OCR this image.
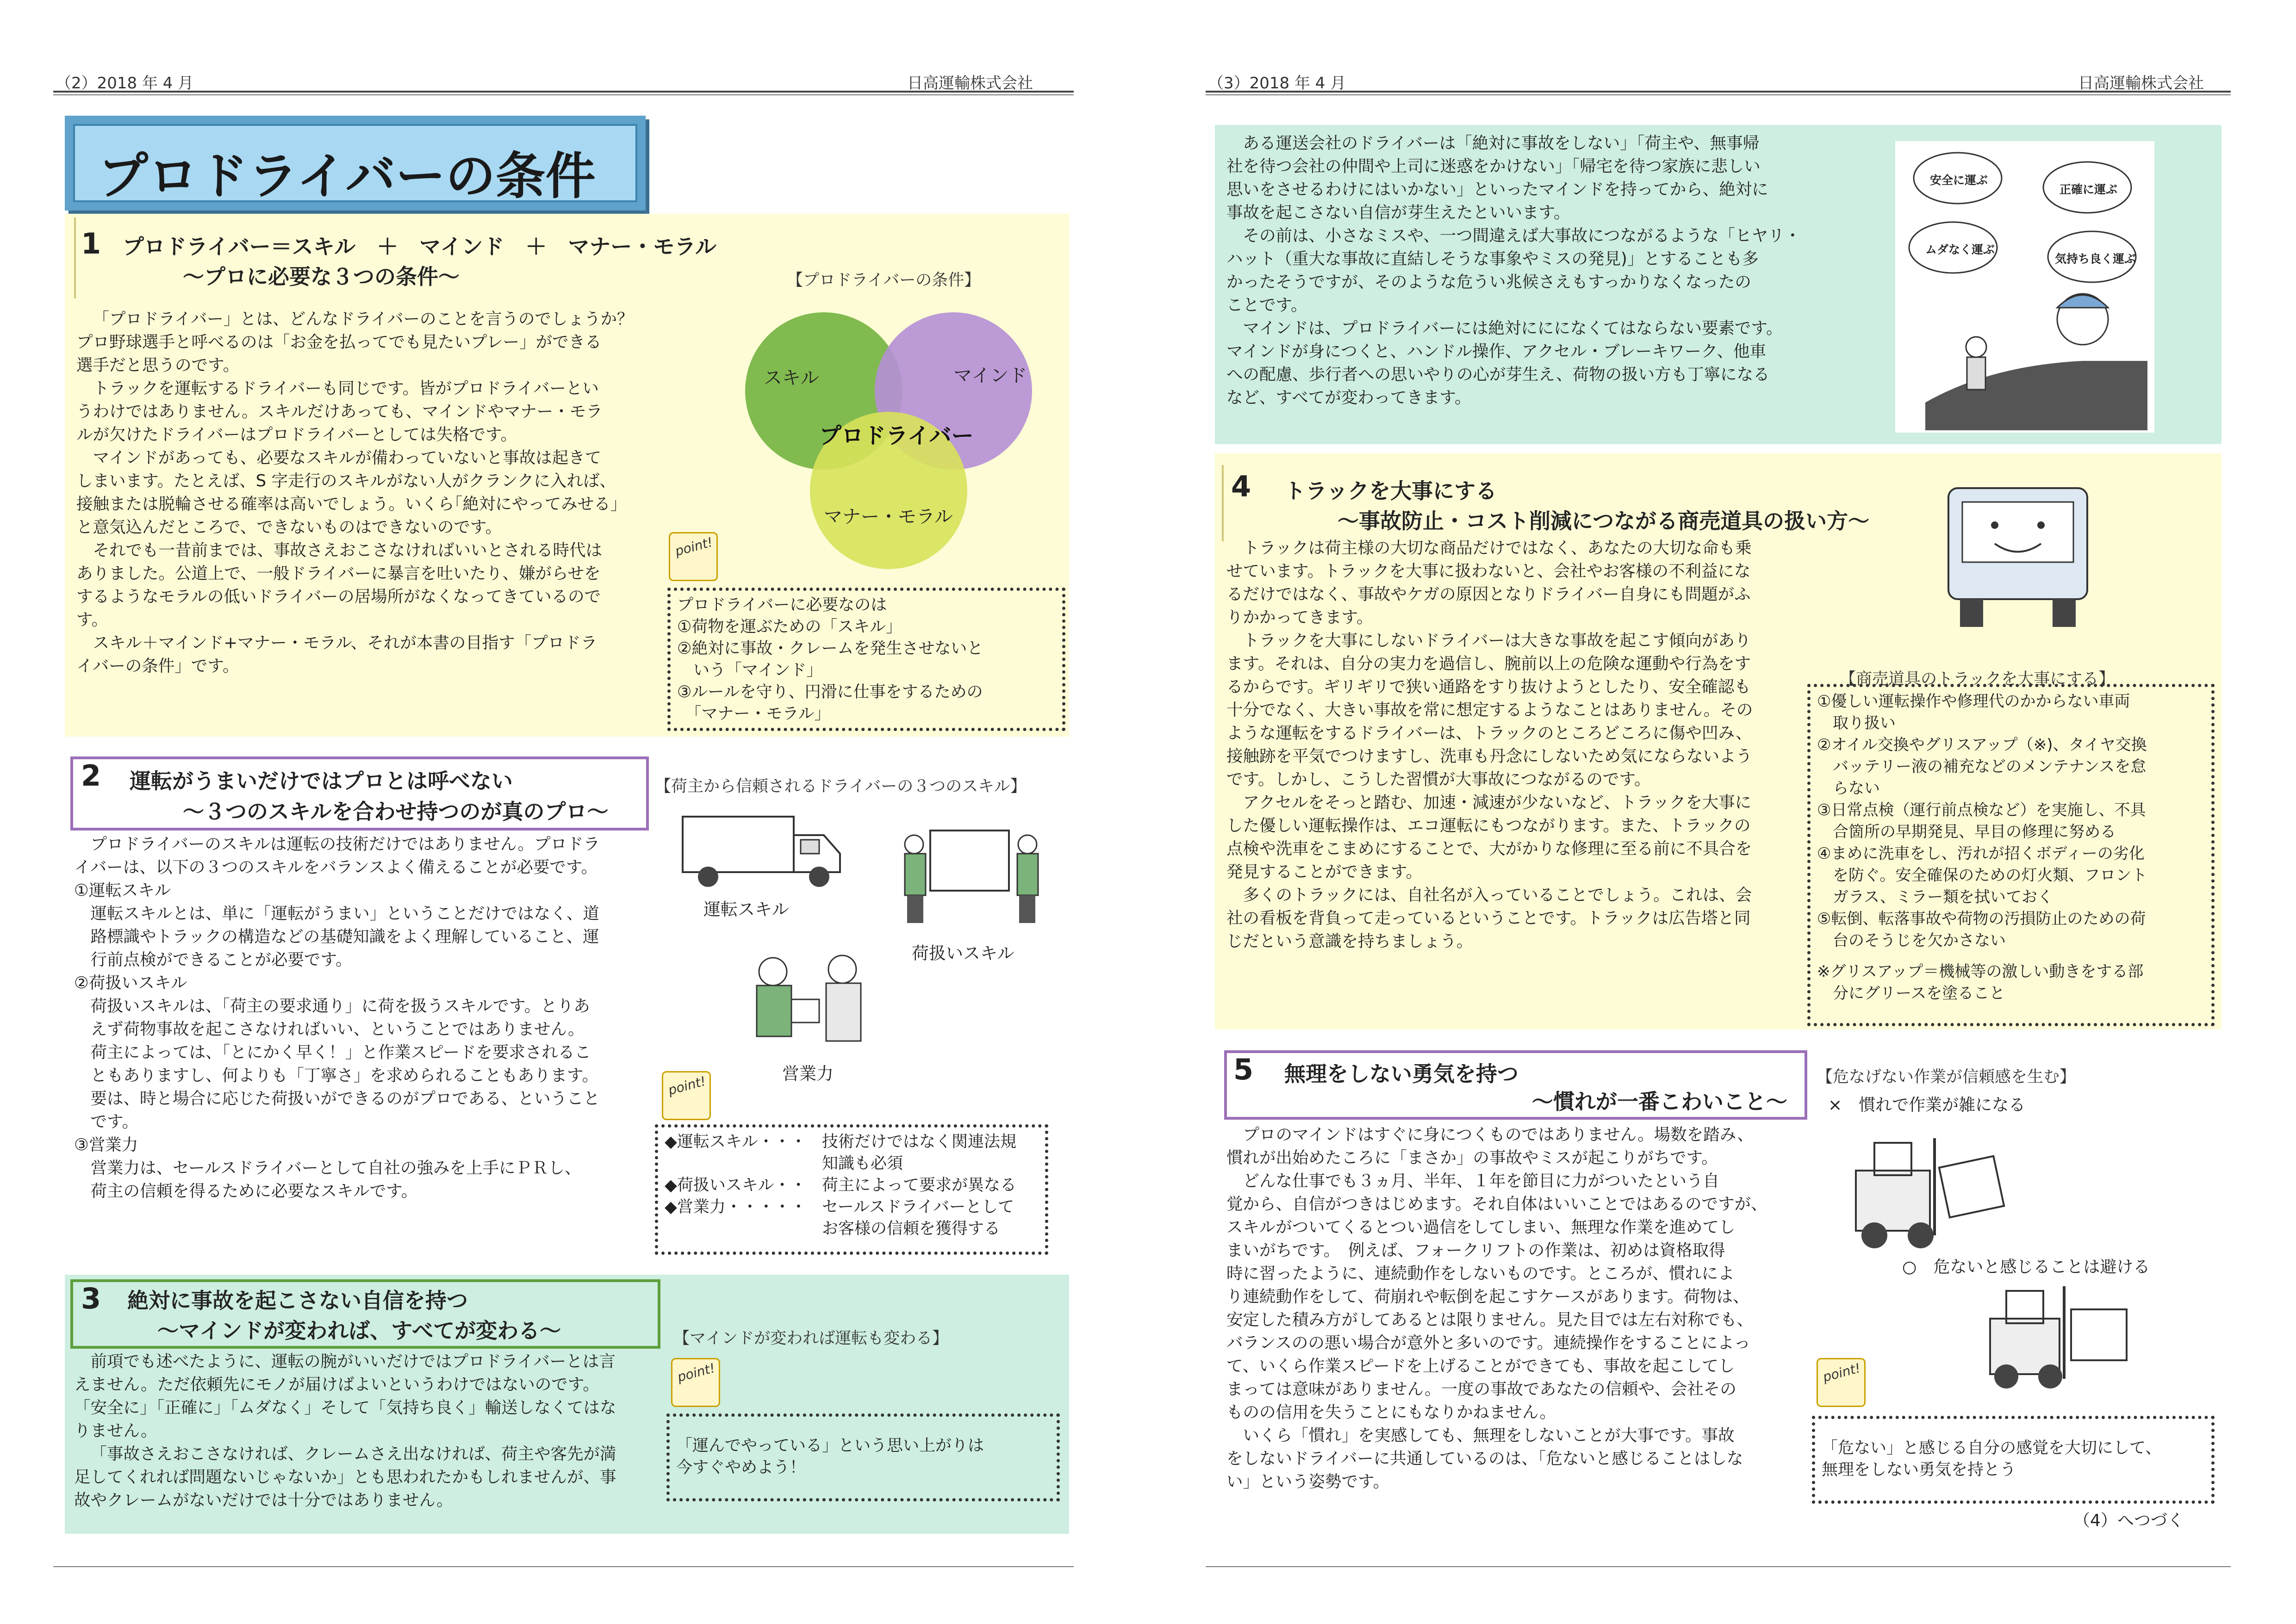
（2）2018 年 4 月	日高運輸株式会社
プロドライバーの条件
1 プロドライバー＝スキル　＋　マインド　＋　マナー・モラル
～プロに必要な３つの条件～

「プロドライバー」とは、どんなドライバーのことを言うのでしょうか？

プロ野球選手と呼べるのは「お金を払ってでも見たいプレー」ができる

選手だと思うのです。

トラックを運転するドライバーも同じです。皆がプロドライバーとい

うわけではありません。スキルだけあっても、マインドやマナー・モラ

ルが欠けたドライバーはプロドライバーとしては失格です。

マインドがあっても、必要なスキルが備わっていないと事故は起きて

しまいます。たとえば、S 字走行のスキルがない人がクランクに入れば、

接触または脱輪させる確率は高いでしょう。いくら｢絶対にやってみせる｣

と意気込んだところで、できないものはできないのです。

それでも一昔前までは、事故さえおこさなければいいとされる時代は

ありました。公道上で、一般ドライバーに暴言を吐いたり、嫌がらせを

するようなモラルの低いドライバーの居場所がなくなってきているので

す。

スキル＋マインド+マナー・モラル、それが本書の目指す「プロドラ

イバーの条件」です。

【プロドライバーの条件】
スキル	マインド
マナー・モラル
プロドライバー
point!
プロドライバーに必要なのは
①荷物を運ぶための「スキル」
②絶対に事故・クレームを発生させないと
　いう「マインド」
③ルールを守り、円滑に仕事をするための
　「マナー・モラル」
2 運転がうまいだけではプロとは呼べない
～３つのスキルを合わせ持つのが真のプロ～
【荷主から信頼されるドライバーの３つのスキル】

プロドライバーのスキルは運転の技術だけではありません。プロドラ

イバーは、以下の３つのスキルをバランスよく備えることが必要です。

①運転スキル

運転スキルとは、単に「運転がうまい」ということだけではなく、道

路標識やトラックの構造などの基礎知識をよく理解していること、運

行前点検ができることが必要です。

②荷扱いスキル

荷扱いスキルは、「荷主の要求通り」に荷を扱うスキルです。とりあ

えず荷物事故を起こさなければいい、ということではありません。

荷主によっては、「とにかく早く！」と作業スピードを要求されるこ

ともありますし、何よりも「丁寧さ」を求められることもあります。

要は、時と場合に応じた荷扱いができるのがプロである、ということ

です。

③営業力

営業力は、セールスドライバーとして自社の強みを上手にＰＲし、

荷主の信頼を得るために必要なスキルです。

運転スキル
荷扱いスキル
営業力
point!
◆運転スキル・・・ 技術だけではなく関連法規
知識も必須
◆荷扱いスキル・・ 荷主によって要求が異なる
◆営業力・・・・・ セールスドライバーとして
お客様の信頼を獲得する
3 絶対に事故を起こさない自信を持つ
～マインドが変われば、すべてが変わる～	【マインドが変われば運転も変わる】

前項でも述べたように、運転の腕がいいだけではプロドライバーとは言

えません。ただ依頼先にモノが届けばよいというわけではないのです。

「安全に」「正確に」「ムダなく」そして「気持ち良く」輸送しなくてはな

りません。

「事故さえおこさなければ、クレームさえ出なければ、荷主や客先が満

足してくれれば問題ないじゃないか」とも思われたかもしれませんが、事

故やクレームがないだけでは十分ではありません。

point!
「運んでやっている」という思い上がりは
今すぐやめよう！
（3）2018 年 4 月	日高運輸株式会社

ある運送会社のドライバーは「絶対に事故をしない」「荷主や、無事帰

社を待つ会社の仲間や上司に迷惑をかけない」「帰宅を待つ家族に悲しい

思いをさせるわけにはいかない」といったマインドを持ってから、絶対に

事故を起こさない自信が芽生えたといいます。

その前は、小さなミスや、一つ間違えば大事故につながるような「ヒヤリ・

ハット（重大な事故に直結しそうな事象やミスの発見)」とすることも多

かったそうですが、そのような危うい兆候さえもすっかりなくなったの

ことです。

マインドは、プロドライバーには絶対ににになくてはならない要素です。

マインドが身につくと、ハンドル操作、アクセル・ブレーキワーク、他車

への配慮、歩行者への思いやりの心が芽生え、荷物の扱い方も丁寧になる

など、すべてが変わってきます。

安全に運ぶ
正確に運ぶ
ムダなく運ぶ
気持ち良く運ぶ
4 トラックを大事にする
～事故防止・コスト削減につながる商売道具の扱い方～

トラックは荷主様の大切な商品だけではなく、あなたの大切な命も乗

せています。トラックを大事に扱わないと、会社やお客様の不利益にな

るだけではなく、事故やケガの原因となりドライバー自身にも問題がふ

りかかってきます。

トラックを大事にしないドライバーは大きな事故を起こす傾向があり

ます。それは、自分の実力を過信し、腕前以上の危険な運動や行為をす

るからです。ギリギリで狭い通路をすり抜けようとしたり、安全確認も

十分でなく、大きい事故を常に想定するようなことはありません。その

ような運転をするドライバーは、トラックのところどころに傷や凹み、

接触跡を平気でつけますし、洗車も丹念にしないため気にならないよう

です。しかし、こうした習慣が大事故につながるのです。

アクセルをそっと踏む、加速・減速が少ないなど、トラックを大事に

した優しい運転操作は、エコ運転にもつながります。また、トラックの

点検や洗車をこまめにすることで、大がかりな修理に至る前に不具合を

発見することができます。

多くのトラックには、自社名が入っていることでしょう。これは、会

社の看板を背負って走っているということです。トラックは広告塔と同

じだという意識を持ちましょう。

【商売道具のトラックを大事にする】
①優しい運転操作や修理代のかからない車両
　取り扱い
②オイル交換やグリスアップ（※)、タイヤ交換
　バッテリー液の補充などのメンテナンスを怠
　らない
③日常点検（運行前点検など）を実施し、不具
　合箇所の早期発見、早目の修理に努める
④まめに洗車をし、汚れが招くボディーの劣化
　を防ぐ。安全確保のための灯火類、フロント
　ガラス、ミラー類を拭いておく
⑤転倒、転落事故や荷物の汚損防止のための荷
　台のそうじを欠かさない
※グリスアップ＝機械等の激しい動きをする部
　分にグリースを塗ること
5 無理をしない勇気を持つ
～慣れが一番こわいこと～

プロのマインドはすぐに身につくものではありません。場数を踏み、

慣れが出始めたころに「まさか」の事故やミスが起こりがちです。

どんな仕事でも３ヵ月、半年、１年を節目に力がついたという自

覚から、自信がつきはじめます。それ自体はいいことではあるのですが、

スキルがついてくるとつい過信をしてしまい、無理な作業を進めてし

まいがちです。　例えば、フォークリフトの作業は、初めは資格取得

時に習ったように、連続動作をしないものです。ところが、慣れによ

り連続動作をして、荷崩れや転倒を起こすケースがあります。荷物は、

安定した積み方がしてあるとは限りません。見た目では左右対称でも、

バランスのの悪い場合が意外と多いのです。連続操作をすることによっ

て、いくら作業スピードを上げることができても、事故を起こしてし

まっては意味がありません。一度の事故であなたの信頼や、会社その

ものの信用を失うことにもなりかねません。

いくら「慣れ」を実感しても、無理をしないことが大事です。事故

をしないドライバーに共通しているのは、「危ないと感じることはしな

い」という姿勢です。

【危なげない作業が信頼感を生む】
×　慣れで作業が雑になる
○　危ないと感じることは避ける
point!
「危ない」と感じる自分の感覚を大切にして、
無理をしない勇気を持とう
（4）へつづく
